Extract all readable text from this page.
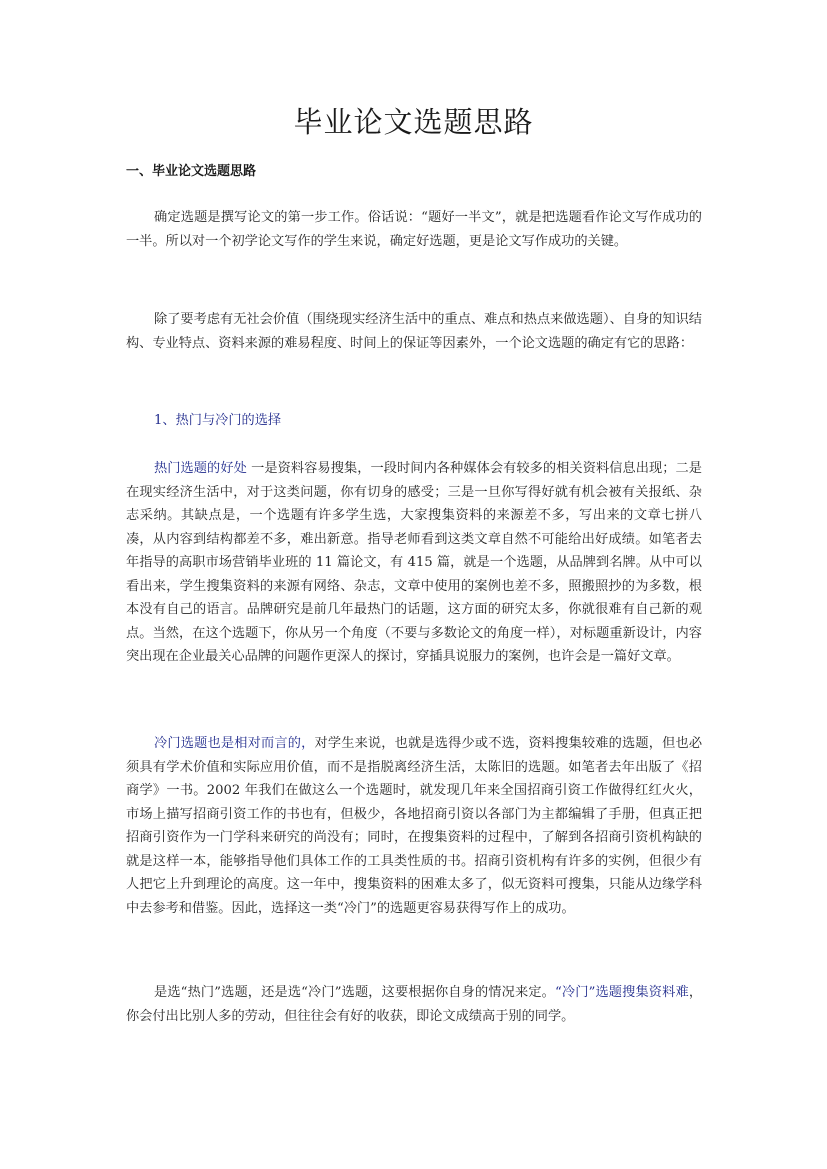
毕业论文选题思路
一、毕业论文选题思路

确定选题是撰写论文的第一步工作。俗话说：“题好一半文”，就是把选题看作论文写作成功的一半。所以对一个初学论文写作的学生来说，确定好选题，更是论文写作成功的关键。

除了要考虑有无社会价值（围绕现实经济生活中的重点、难点和热点来做选题）、自身的知识结构、专业特点、资料来源的难易程度、时间上的保证等因素外，一个论文选题的确定有它的思路：

1、热门与冷门的选择

热门选题的好处 一是资料容易搜集，一段时间内各种媒体会有较多的相关资料信息出现；二是在现实经济生活中，对于这类问题，你有切身的感受；三是一旦你写得好就有机会被有关报纸、杂志采纳。其缺点是，一个选题有许多学生选，大家搜集资料的来源差不多，写出来的文章七拼八凑，从内容到结构都差不多，难出新意。指导老师看到这类文章自然不可能给出好成绩。如笔者去年指导的高职市场营销毕业班的 11 篇论文，有 415 篇，就是一个选题，从品牌到名牌。从中可以看出来，学生搜集资料的来源有网络、杂志，文章中使用的案例也差不多，照搬照抄的为多数，根本没有自己的语言。品牌研究是前几年最热门的话题，这方面的研究太多，你就很难有自己新的观点。当然，在这个选题下，你从另一个角度（不要与多数论文的角度一样），对标题重新设计，内容突出现在企业最关心品牌的问题作更深人的探讨，穿插具说服力的案例，也许会是一篇好文章。

冷门选题也是相对而言的，对学生来说，也就是选得少或不选，资料搜集较难的选题，但也必须具有学术价值和实际应用价值，而不是指脱离经济生活，太陈旧的选题。如笔者去年出版了《招商学》一书。2002 年我们在做这么一个选题时，就发现几年来全国招商引资工作做得红红火火，市场上描写招商引资工作的书也有，但极少，各地招商引资以各部门为主都编辑了手册，但真正把招商引资作为一门学科来研究的尚没有；同时，在搜集资料的过程中，了解到各招商引资机构缺的就是这样一本，能够指导他们具体工作的工具类性质的书。招商引资机构有许多的实例，但很少有人把它上升到理论的高度。这一年中，搜集资料的困难太多了，似无资料可搜集，只能从边缘学科中去参考和借鉴。因此，选择这一类“冷门”的选题更容易获得写作上的成功。

是选“热门”选题，还是选“冷门”选题，这要根据你自身的情况来定。“冷门”选题搜集资料难，你会付出比别人多的劳动，但往往会有好的收获，即论文成绩高于别的同学。
